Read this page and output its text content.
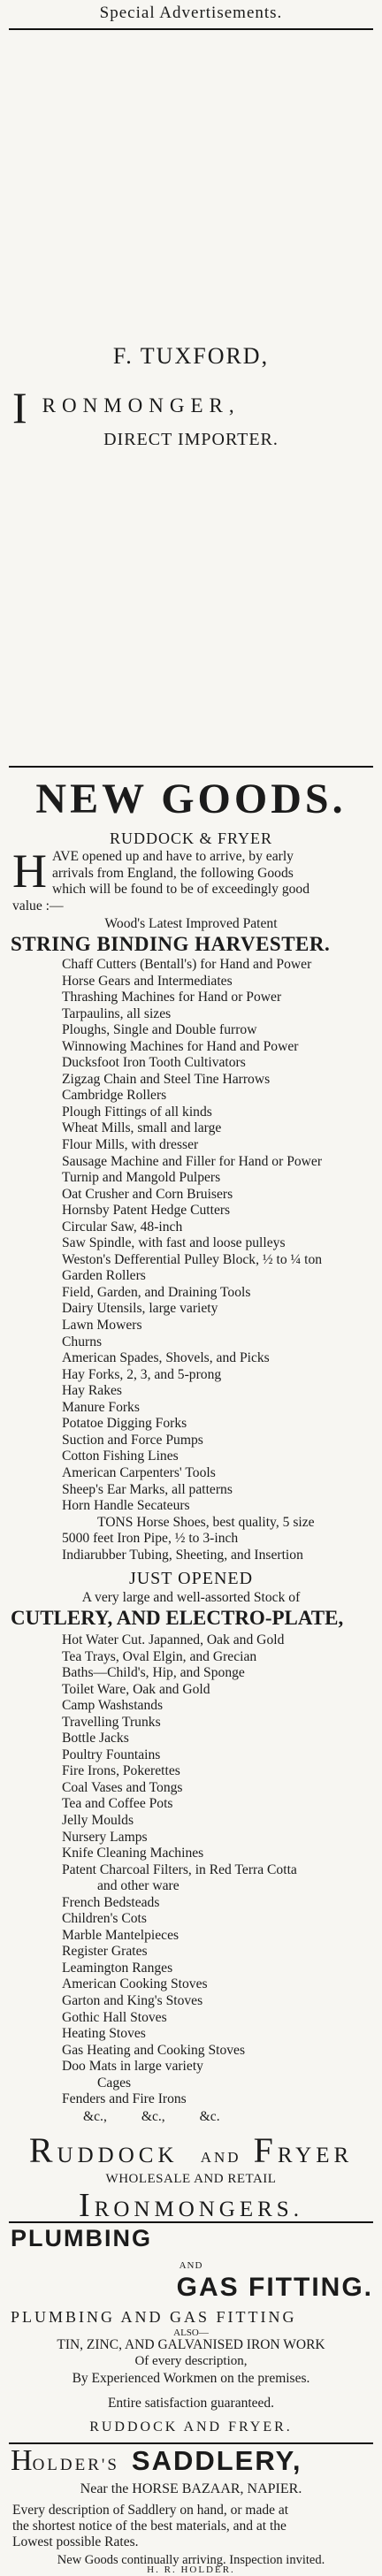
Special Advertisements.
F. TUXFORD,
IRONMONGER,
DIRECT IMPORTER.
NEW GOODS.
RUDDOCK & FRYER
H AVE opened up and have to arrive, by early
arrivals from England, the following Goods
which will be found to be of exceedingly good
value :—
Wood's Latest Improved Patent
STRING BINDING HARVESTER.
Chaff Cutters (Bentall's) for Hand and Power
Horse Gears and Intermediates
Thrashing Machines for Hand or Power
Tarpaulins, all sizes
Ploughs, Single and Double furrow
Winnowing Machines for Hand and Power
Ducksfoot Iron Tooth Cultivators
Zigzag Chain and Steel Tine Harrows
Cambridge Rollers
Plough Fittings of all kinds
Wheat Mills, small and large
Flour Mills, with dresser
Sausage Machine and Filler for Hand or Power
Turnip and Mangold Pulpers
Oat Crusher and Corn Bruisers
Hornsby Patent Hedge Cutters
Circular Saw, 48-inch
Saw Spindle, with fast and loose pulleys
Weston's Defferential Pulley Block, ½ to ¼ ton
Garden Rollers
Field, Garden, and Draining Tools
Dairy Utensils, large variety
Lawn Mowers
Churns
American Spades, Shovels, and Picks
Hay Forks, 2, 3, and 5-prong
Hay Rakes
Manure Forks
Potatoe Digging Forks
Suction and Force Pumps
Cotton Fishing Lines
American Carpenters' Tools
Sheep's Ear Marks, all patterns
Horn Handle Secateurs
TONS Horse Shoes, best quality, 5 size
5000 feet Iron Pipe, ½ to 3-inch
Indiarubber Tubing, Sheeting, and Insertion
JUST OPENED
A very large and well-assorted Stock of
CUTLERY, AND ELECTRO-PLATE,
Hot Water Cut. Japanned, Oak and Gold
Tea Trays, Oval Elgin, and Grecian
Baths—Child's, Hip, and Sponge
Toilet Ware, Oak and Gold
Camp Washstands
Travelling Trunks
Bottle Jacks
Poultry Fountains
Fire Irons, Pokerettes
Coal Vases and Tongs
Tea and Coffee Pots
Jelly Moulds
Nursery Lamps
Knife Cleaning Machines
Patent Charcoal Filters, in Red Terra Cotta
and other ware
French Bedsteads
Children's Cots
Marble Mantelpieces
Register Grates
Leamington Ranges
American Cooking Stoves
Garton and King's Stoves
Gothic Hall Stoves
Heating Stoves
Gas Heating and Cooking Stoves
Doo Mats in large variety
Cages
Fenders and Fire Irons
&c.,          &c.,          &c.
RUDDOCK AND FRYER
WHOLESALE AND RETAIL
IRONMONGERS.
PLUMBING
AND
GAS FITTING.
PLUMBING AND GAS FITTING
ALSO—
TIN, ZINC, AND GALVANISED IRON WORK
Of every description,
By Experienced Workmen on the premises.
Entire satisfaction guaranteed.
RUDDOCK AND FRYER.
HOLDER'S SADDLERY,
Near the HORSE BAZAAR, NAPIER.
Every description of Saddlery on hand, or made at
the shortest notice of the best materials, and at the
Lowest possible Rates.
New Goods continually arriving. Inspection invited.
H. R. HOLDER.
